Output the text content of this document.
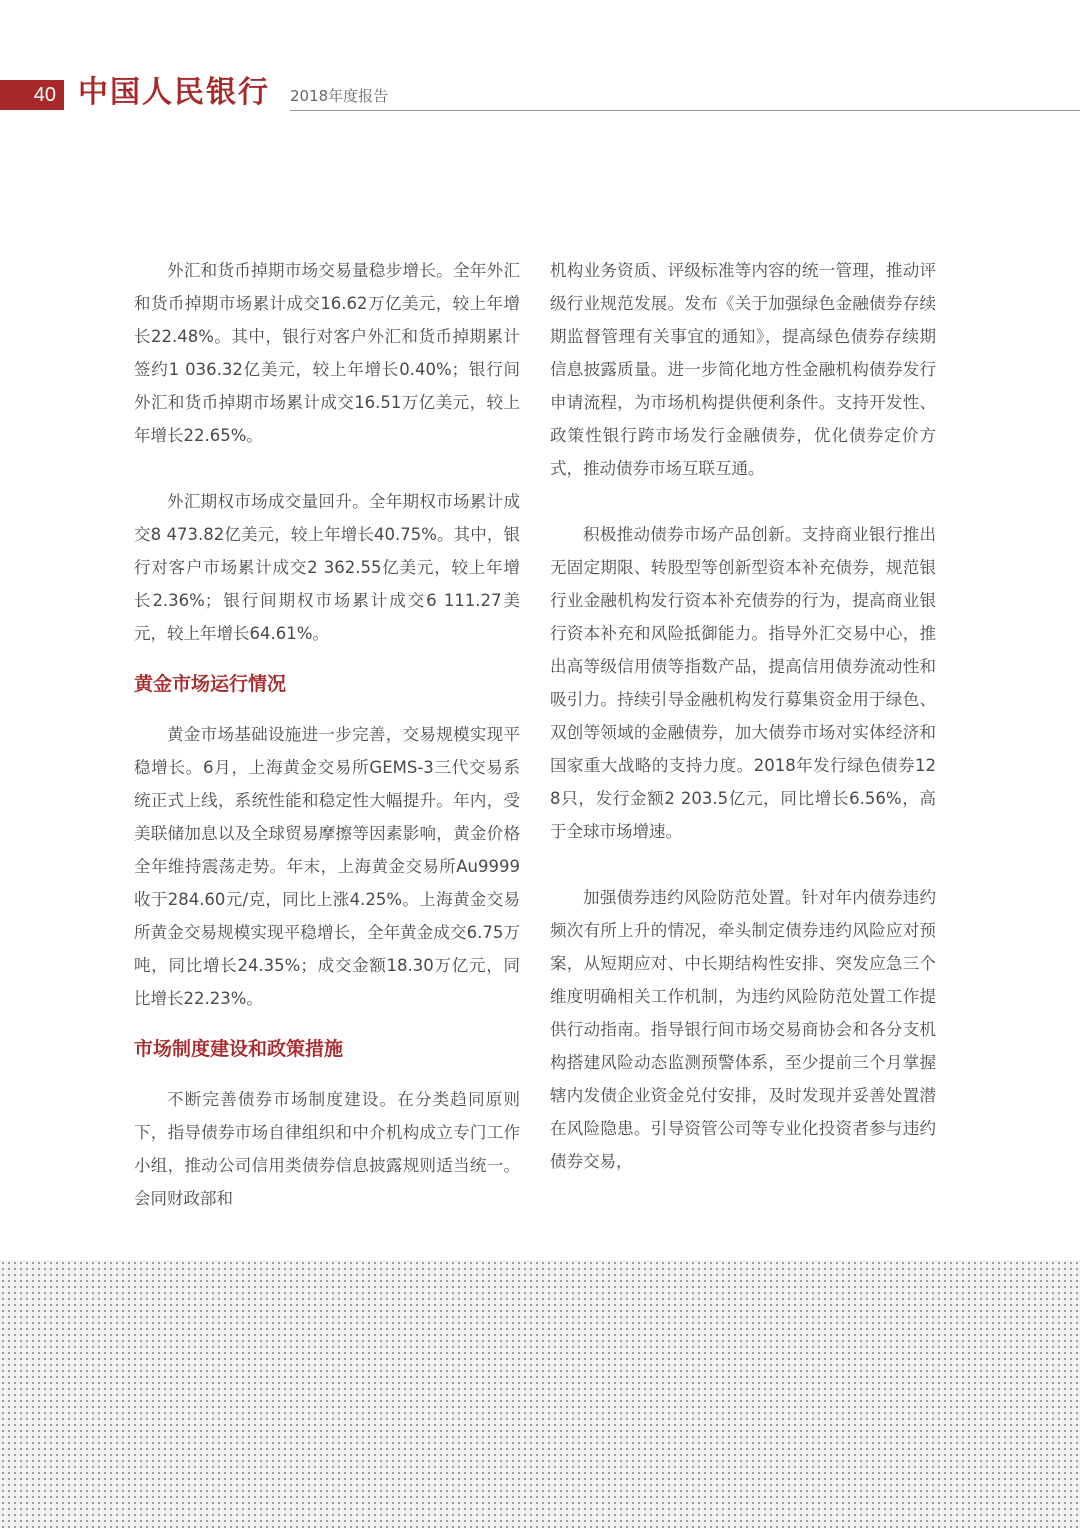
40 中国人民银行 2018年度报告

外汇和货币掉期市场交易量稳步增长。全年外汇和货币掉期市场累计成交16.62万亿美元，较上年增长22.48%。其中，银行对客户外汇和货币掉期累计签约1 036.32亿美元，较上年增长0.40%；银行间外汇和货币掉期市场累计成交16.51万亿美元，较上年增长22.65%。

外汇期权市场成交量回升。全年期权市场累计成交8 473.82亿美元，较上年增长40.75%。其中，银行对客户市场累计成交2 362.55亿美元，较上年增长2.36%；银行间期权市场累计成交6 111.27美元，较上年增长64.61%。

黄金市场运行情况

黄金市场基础设施进一步完善，交易规模实现平稳增长。6月，上海黄金交易所GEMS-3三代交易系统正式上线，系统性能和稳定性大幅提升。年内，受美联储加息以及全球贸易摩擦等因素影响，黄金价格全年维持震荡走势。年末，上海黄金交易所Au9999收于284.60元/克，同比上涨4.25%。上海黄金交易所黄金交易规模实现平稳增长，全年黄金成交6.75万吨，同比增长24.35%；成交金额18.30万亿元，同比增长22.23%。

市场制度建设和政策措施

不断完善债券市场制度建设。在分类趋同原则下，指导债券市场自律组织和中介机构成立专门工作小组，推动公司信用类债券信息披露规则适当统一。会同财政部和

机构业务资质、评级标准等内容的统一管理，推动评级行业规范发展。发布《关于加强绿色金融债券存续期监督管理有关事宜的通知》，提高绿色债券存续期信息披露质量。进一步简化地方性金融机构债券发行申请流程，为市场机构提供便利条件。支持开发性、政策性银行跨市场发行金融债券，优化债券定价方式，推动债券市场互联互通。

积极推动债券市场产品创新。支持商业银行推出无固定期限、转股型等创新型资本补充债券，规范银行业金融机构发行资本补充债券的行为，提高商业银行资本补充和风险抵御能力。指导外汇交易中心，推出高等级信用债等指数产品，提高信用债券流动性和吸引力。持续引导金融机构发行募集资金用于绿色、双创等领域的金融债券，加大债券市场对实体经济和国家重大战略的支持力度。2018年发行绿色债券128只，发行金额2 203.5亿元，同比增长6.56%，高于全球市场增速。

加强债券违约风险防范处置。针对年内债券违约频次有所上升的情况，牵头制定债券违约风险应对预案，从短期应对、中长期结构性安排、突发应急三个维度明确相关工作机制，为违约风险防范处置工作提供行动指南。指导银行间市场交易商协会和各分支机构搭建风险动态监测预警体系，至少提前三个月掌握辖内发债企业资金兑付安排，及时发现并妥善处置潜在风险隐患。引导资管公司等专业化投资者参与违约债券交易，
